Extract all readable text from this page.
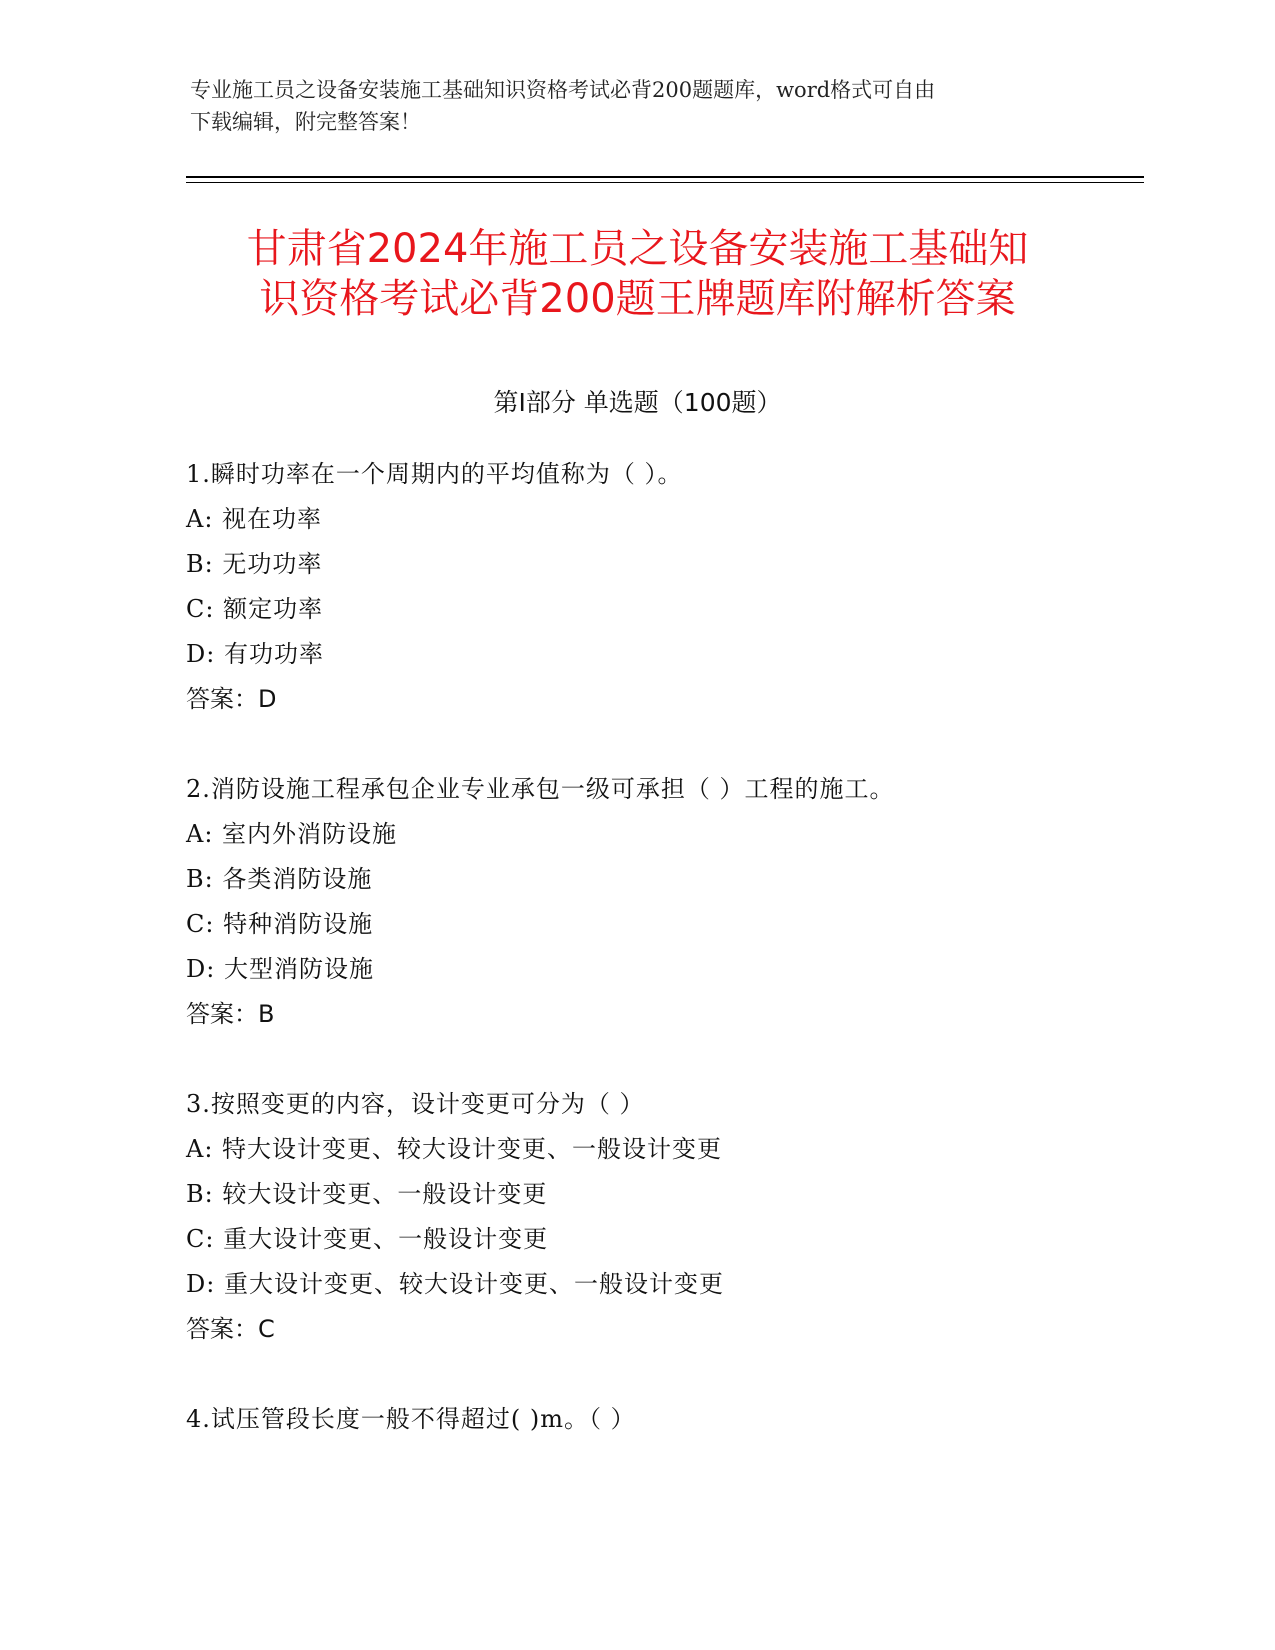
专业施工员之设备安装施工基础知识资格考试必背200题题库，word格式可自由
下载编辑，附完整答案！
甘肃省2024年施工员之设备安装施工基础知
识资格考试必背200题王牌题库附解析答案
第Ⅰ部分 单选题（100题）
1.瞬时功率在一个周期内的平均值称为（ ）。
A: 视在功率
B: 无功功率
C: 额定功率
D: 有功功率
答案：D
2.消防设施工程承包企业专业承包一级可承担（ ）工程的施工。
A: 室内外消防设施
B: 各类消防设施
C: 特种消防设施
D: 大型消防设施
答案：B
3.按照变更的内容，设计变更可分为（ ）
A: 特大设计变更、较大设计变更、一般设计变更
B: 较大设计变更、一般设计变更
C: 重大设计变更、一般设计变更
D: 重大设计变更、较大设计变更、一般设计变更
答案：C
4.试压管段长度一般不得超过( )m。（ ）
